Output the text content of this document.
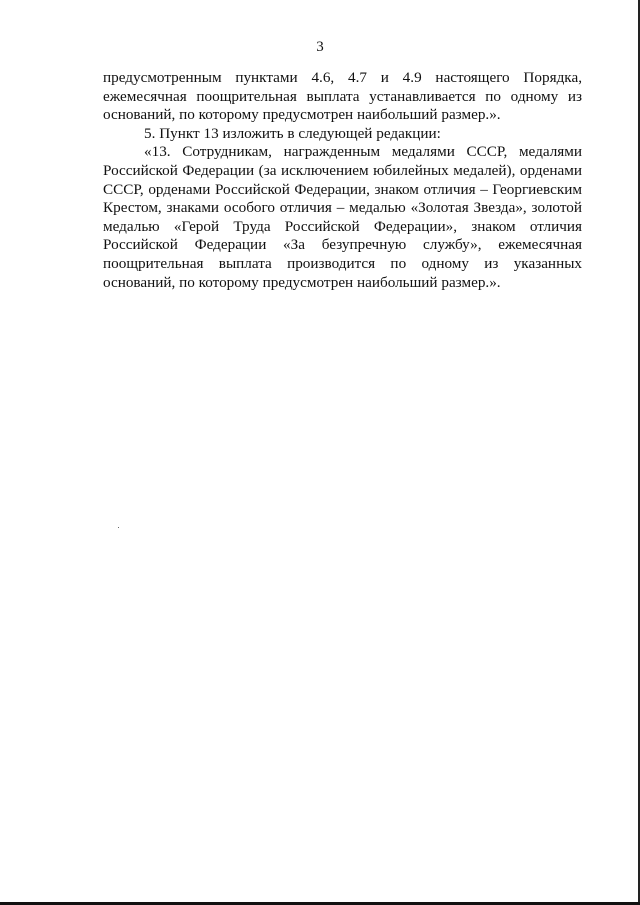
3

предусмотренным пунктами 4.6, 4.7 и 4.9 настоящего Порядка, ежемесячная поощрительная выплата устанавливается по одному из оснований, по которому предусмотрен наибольший размер.».

5. Пункт 13 изложить в следующей редакции:

«13. Сотрудникам, награжденным медалями СССР, медалями Российской Федерации (за исключением юбилейных медалей), орденами СССР, орденами Российской Федерации, знаком отличия – Георгиевским Крестом, знаками особого отличия – медалью «Золотая Звезда», золотой медалью «Герой Труда Российской Федерации», знаком отличия Российской Федерации «За безупречную службу», ежемесячная поощрительная выплата производится по одному из указанных оснований, по которому предусмотрен наибольший размер.».
